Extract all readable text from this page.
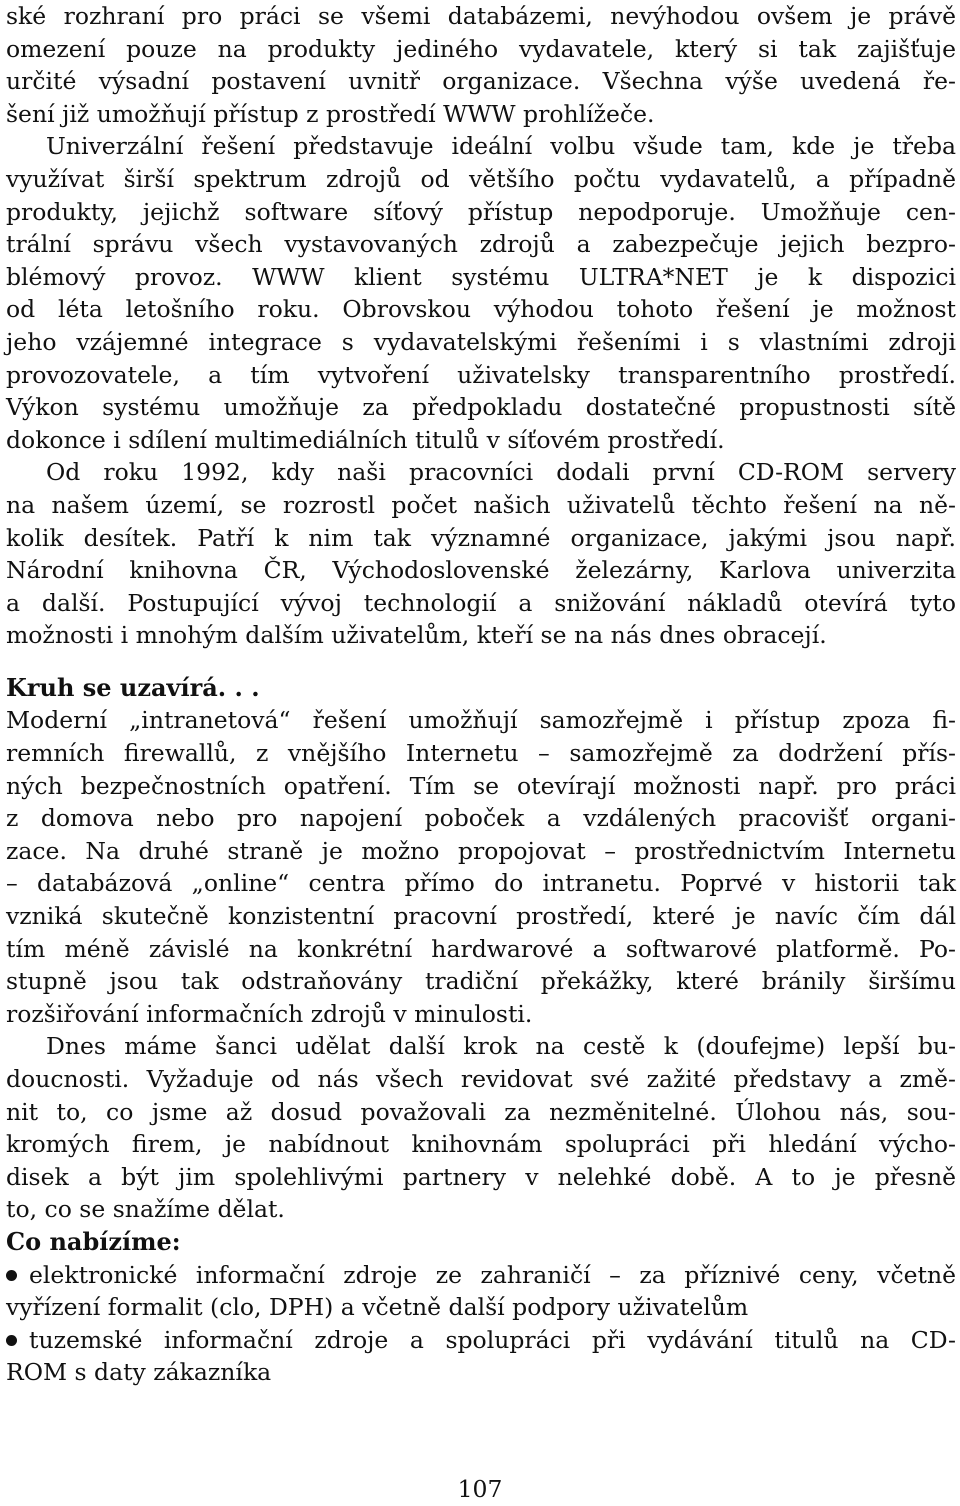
ské rozhraní pro práci se všemi databázemi, nevýhodou ovšem je právě
omezení pouze na produkty jediného vydavatele, který si tak zajišťuje
určité výsadní postavení uvnitř organizace. Všechna výše uvedená ře-
šení již umožňují přístup z prostředí WWW prohlížeče.
Univerzální řešení představuje ideální volbu všude tam, kde je třeba
využívat širší spektrum zdrojů od většího počtu vydavatelů, a případně
produkty, jejichž software síťový přístup nepodporuje. Umožňuje cen-
trální správu všech vystavovaných zdrojů a zabezpečuje jejich bezpro-
blémový provoz. WWW klient systému ULTRA*NET je k dispozici
od léta letošního roku. Obrovskou výhodou tohoto řešení je možnost
jeho vzájemné integrace s vydavatelskými řešeními i s vlastními zdroji
provozovatele, a tím vytvoření uživatelsky transparentního prostředí.
Výkon systému umožňuje za předpokladu dostatečné propustnosti sítě
dokonce i sdílení multimediálních titulů v síťovém prostředí.
Od roku 1992, kdy naši pracovníci dodali první CD-ROM servery
na našem území, se rozrostl počet našich uživatelů těchto řešení na ně-
kolik desítek. Patří k nim tak významné organizace, jakými jsou např.
Národní knihovna ČR, Východoslovenské železárny, Karlova univerzita
a další. Postupující vývoj technologií a snižování nákladů otevírá tyto
možnosti i mnohým dalším uživatelům, kteří se na nás dnes obracejí.
Kruh se uzavírá. . .
Moderní „intranetová“ řešení umožňují samozřejmě i přístup zpoza fi-
remních firewallů, z vnějšího Internetu – samozřejmě za dodržení přís-
ných bezpečnostních opatření. Tím se otevírají možnosti např. pro práci
z domova nebo pro napojení poboček a vzdálených pracovišť organi-
zace. Na druhé straně je možno propojovat – prostřednictvím Internetu
– databázová „online“ centra přímo do intranetu. Poprvé v historii tak
vzniká skutečně konzistentní pracovní prostředí, které je navíc čím dál
tím méně závislé na konkrétní hardwarové a softwarové platformě. Po-
stupně jsou tak odstraňovány tradiční překážky, které bránily širšímu
rozšiřování informačních zdrojů v minulosti.
Dnes máme šanci udělat další krok na cestě k (doufejme) lepší bu-
doucnosti. Vyžaduje od nás všech revidovat své zažité představy a změ-
nit to, co jsme až dosud považovali za nezměnitelné. Úlohou nás, sou-
kromých firem, je nabídnout knihovnám spolupráci při hledání výcho-
disek a být jim spolehlivými partnery v nelehké době. A to je přesně
to, co se snažíme dělat.
Co nabízíme:
elektronické informační zdroje ze zahraničí – za příznivé ceny, včetně
vyřízení formalit (clo, DPH) a včetně další podpory uživatelům
tuzemské informační zdroje a spolupráci při vydávání titulů na CD-
ROM s daty zákazníka
107
